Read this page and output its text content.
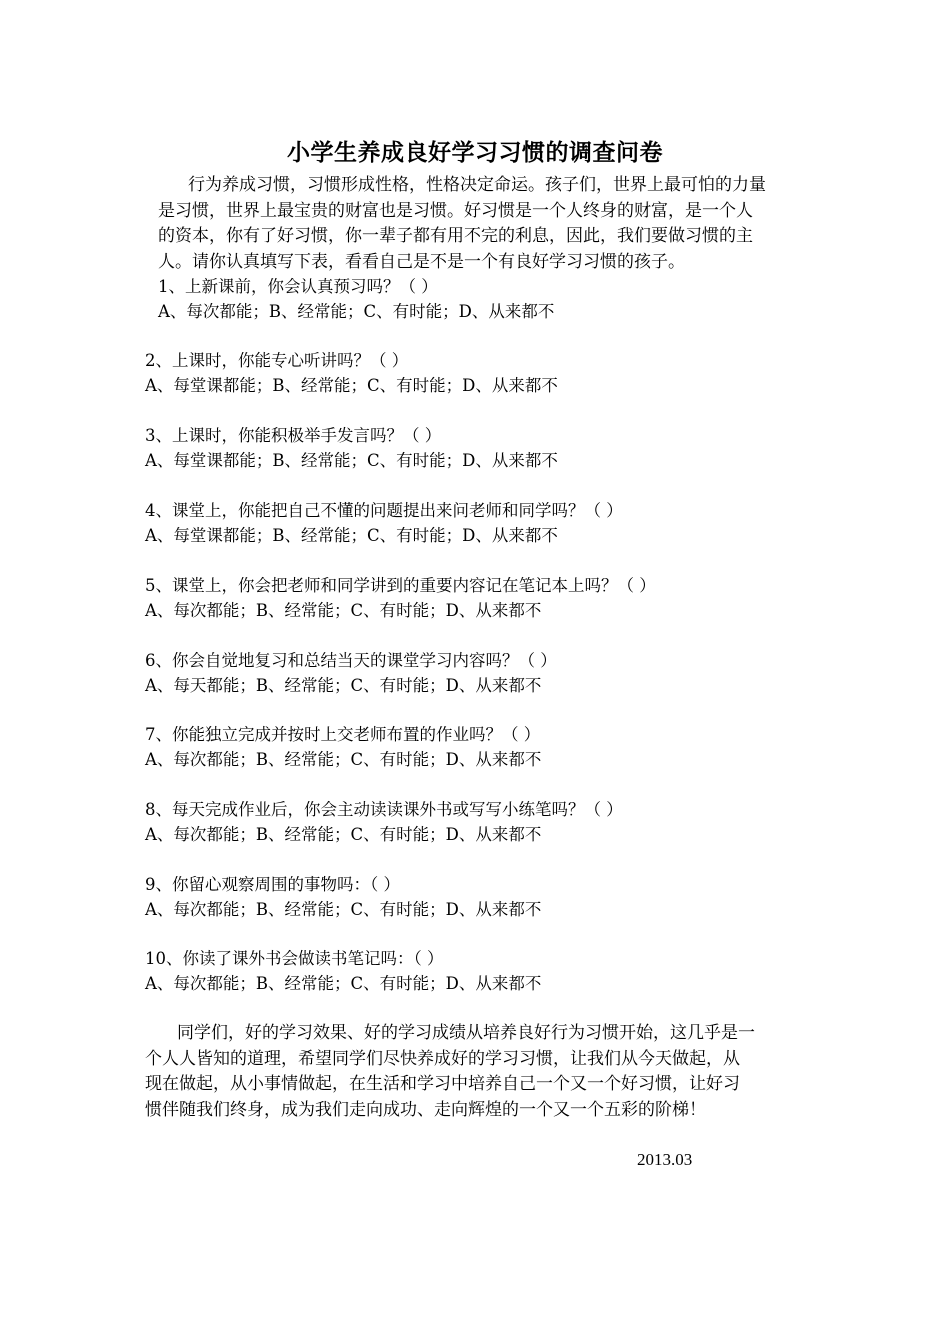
小学生养成良好学习习惯的调查问卷
行为养成习惯，习惯形成性格，性格决定命运。孩子们，世界上最可怕的力量
是习惯，世界上最宝贵的财富也是习惯。好习惯是一个人终身的财富，是一个人
的资本，你有了好习惯，你一辈子都有用不完的利息，因此，我们要做习惯的主
人。请你认真填写下表，看看自己是不是一个有良好学习习惯的孩子。
1、上新课前，你会认真预习吗？（ ）
A、每次都能；B、经常能；C、有时能；D、从来都不
2、上课时，你能专心听讲吗？（ ）
A、每堂课都能；B、经常能；C、有时能；D、从来都不
3、上课时，你能积极举手发言吗？（ ）
A、每堂课都能；B、经常能；C、有时能；D、从来都不
4、课堂上，你能把自己不懂的问题提出来问老师和同学吗？（ ）
A、每堂课都能；B、经常能；C、有时能；D、从来都不
5、课堂上，你会把老师和同学讲到的重要内容记在笔记本上吗？（ ）
A、每次都能；B、经常能；C、有时能；D、从来都不
6、你会自觉地复习和总结当天的课堂学习内容吗？（ ）
A、每天都能；B、经常能；C、有时能；D、从来都不
7、你能独立完成并按时上交老师布置的作业吗？（ ）
A、每次都能；B、经常能；C、有时能；D、从来都不
8、每天完成作业后，你会主动读读课外书或写写小练笔吗？（ ）
A、每次都能；B、经常能；C、有时能；D、从来都不
9、你留心观察周围的事物吗：（ ）
A、每次都能；B、经常能；C、有时能；D、从来都不
10、你读了课外书会做读书笔记吗：（ ）
A、每次都能；B、经常能；C、有时能；D、从来都不
同学们，好的学习效果、好的学习成绩从培养良好行为习惯开始，这几乎是一
个人人皆知的道理，希望同学们尽快养成好的学习习惯，让我们从今天做起，从
现在做起，从小事情做起，在生活和学习中培养自己一个又一个好习惯，让好习
惯伴随我们终身，成为我们走向成功、走向辉煌的一个又一个五彩的阶梯！
2013.03
